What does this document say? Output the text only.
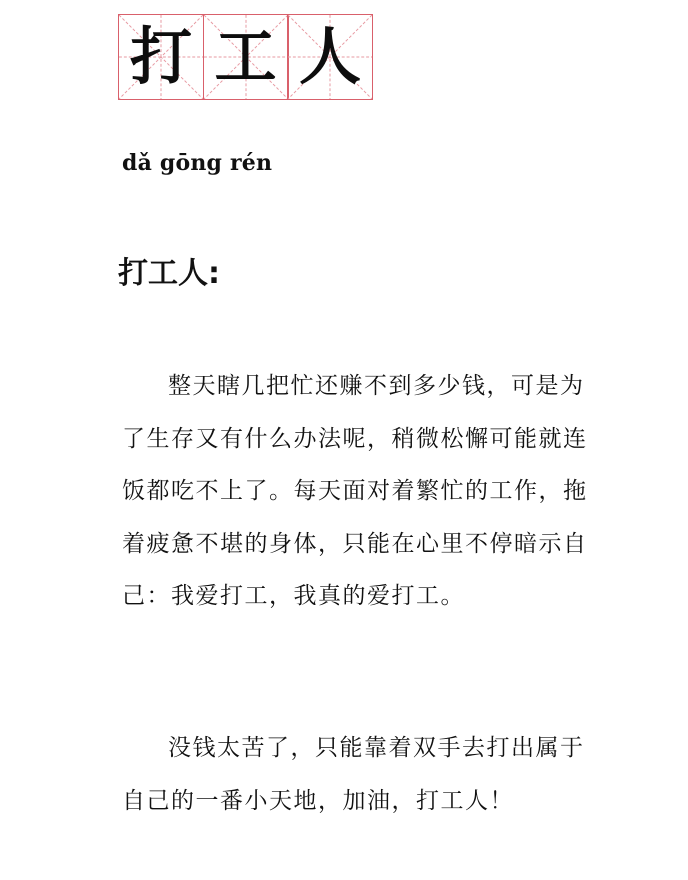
打 工 人
dǎ gōng rén
打工人:

整天瞎几把忙还赚不到多少钱，可是为了生存又有什么办法呢，稍微松懈可能就连饭都吃不上了。每天面对着繁忙的工作，拖着疲惫不堪的身体，只能在心里不停暗示自己：我爱打工，我真的爱打工。

没钱太苦了，只能靠着双手去打出属于自己的一番小天地，加油，打工人！
